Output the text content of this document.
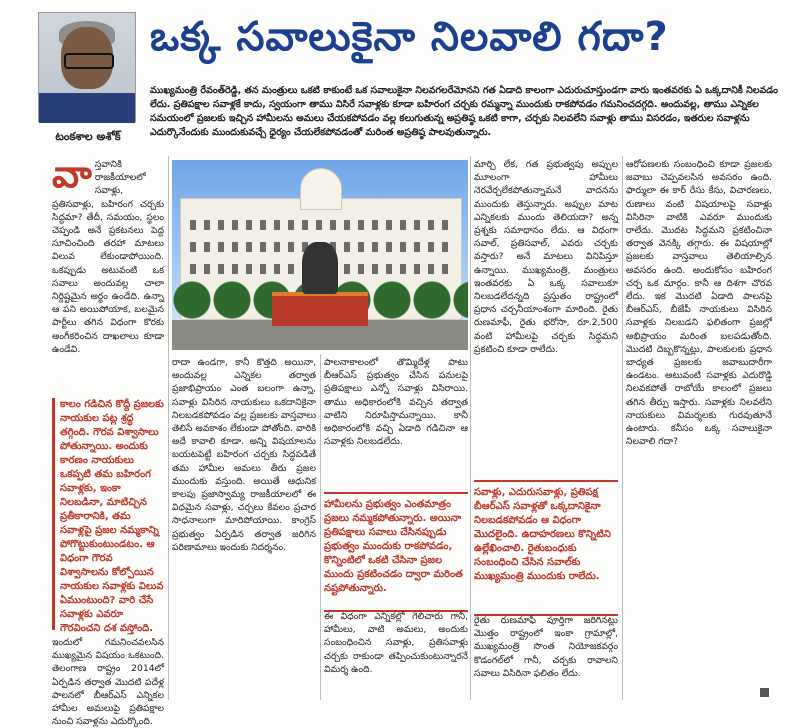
టంకశాల అశోక్
ఒక్క సవాలుకైనా నిలవాలి గదా?
ముఖ్యమంత్రి రేవంత్‌రెడ్డి, తన మంత్రులు ఒకటి కాకుంటే ఒక సవాలుకైనా నిలవగలరేమోనని గత ఏడాది కాలంగా ఎదురుచూస్తుండగా వారు ఇంతవరకు ఏ ఒక్కదానికీ నిలవడం లేదు. ప్రతిపక్షాల సవాళ్లకే కాదు, స్వయంగా తాము విసిరే సవాళ్లకు కూడా బహిరంగ చర్చకు రమ్మన్నా ముందుకు రాకపోవడం గమనించదగ్గది. అందువల్ల, తాము ఎన్నికల సమయంలో ప్రజలకు ఇచ్చిన హామీలను అమలు చేయకపోవడం వల్ల కలుగుతున్న అప్రతిష్ఠ ఒకటి కాగా, చర్చకు నిలవలేని సవాళ్లు తాము విసరడం, ఇతరుల సవాళ్లను ఎదుర్కొనేందుకు ముందుకువచ్చే ధైర్యం చేయలేకపోవడంతో మరింత అప్రతిష్ఠ పాలవుతున్నారు.
వా స్తవానికి రాజకీయాలలో సవాళ్లు, ప్రతిసవాళ్లు, బహిరంగ చర్చకు సిద్ధమా? తేదీ, సమయం, స్థలం చెప్పండి అనే ప్రకటనలు పెద్ద సూచించింది తరహా మాటలు విలువ లేకుండాపోయింది. ఒకప్పుడు అటువంటి ఒక సవాలు అందువల్ల చాలా నిర్దిష్టమైన అర్థం ఉండేది. ఉన్నా ఆ పని అయిపోయాక, బలమైన పార్టీలు తగిన విధంగా కొరకు అంగీకరించిన దాఖలాలు కూడా ఉండేవి.
కాలం గడిచిన కొద్దీ ప్రజలకు నాయకుల పట్ల శ్రద్ధ తగ్గింది. గౌరవ విశ్వాసాలు పోతున్నాయి. అందుకు కారణం నాయకులు ఒకప్పటి తమ బహిరంగ సవాళ్లకు, ఇంకా నిలబడినా, మాటిచ్చిన ప్రతీకారానికి, తమ సవాళ్లపై ప్రజల నమ్మకాన్ని పోగొట్టుకుంటుండటం. ఆ విధంగా గౌరవ విశ్వాసాలను కోల్పోయిన నాయకుల సవాళ్లకు విలువ ఏముంటుంది? వారి చేసే సవాళ్లకు ఎవరూ గౌరవించని దశ వస్తోంది.
ఇందులో గమనించవలసిన ముఖ్యమైన విషయం ఒకటుంది. తెలంగాణ రాష్ట్రం 2014లో ఏర్పడిన తర్వాత మొదటి పదేళ్ల పాలనలో బీఆర్ఎస్ ఎన్నికల హామీల అమలుపై ప్రతిపక్షాల నుంచి సవాళ్లను ఎదుర్కొంది.
రాదా ఉండగా, కానీ కొత్తది అయినా, అందువల్ల ఎన్నికల తర్వాత ప్రజాభిప్రాయం ఎంత బలంగా ఉన్నా, సవాళ్లు విసిరిన నాయకులు ఒకదానికైనా నిలబడకపోవడం వల్ల ప్రజలకు వాస్తవాలు తెలిసే అవకాశం లేకుండా పోతోంది. వారికి అదే కావాలి కూడా. అన్ని విషయాలను బయటపెట్టే బహిరంగ చర్చకు సిద్ధపడితే తమ హామీల అమలు తీరు ప్రజల ముందుకు వస్తుంది. అయితే ఆధునిక కాలపు ప్రజాస్వామ్య రాజకీయాలలో ఈ విధమైన సవాళ్లు, చర్చలు కేవలం ప్రచార సాధనాలుగా మారిపోయాయి. కాంగ్రెస్ ప్రభుత్వం ఏర్పడిన తర్వాత జరిగిన పరిణామాలు ఇందుకు నిదర్శనం.
పాలనాకాలంలో తొమ్మిదేళ్ల పాటు బీఆర్ఎస్ ప్రభుత్వం చేసిన పనులపై ప్రతిపక్షాలు ఎన్నో సవాళ్లు విసిరాయి. తాము అధికారంలోకి వచ్చిన తర్వాత వాటిని నిరూపిస్తామన్నాయి. కానీ అధికారంలోకి వచ్చి ఏడాది గడిచినా ఆ సవాళ్లకు నిలబడలేదు.
హామీలను ప్రభుత్వం ఎంతమాత్రం ప్రజలు నమ్మకపోతున్నారు. అయినా ప్రతిపక్షాలు సవాలు చేసినప్పుడు ప్రభుత్వం ముందుకు రాకపోవడం, కొన్నింటిలో ఒకటి చేసినా ప్రజల ముందు ప్రకటించడం ద్వారా మరింత నష్టపోతున్నారు.
ఈ విధంగా ఎన్నికల్లో గెలిచారు గానీ, హామీలు, వాటి అమలు, అందుకు సంబంధించిన సవాళ్లు, ప్రతిసవాళ్లు చర్చకు రాకుండా తప్పించుకుంటున్నారనే విమర్శ ఉంది.
మార్చి లేక, గత ప్రభుత్వపు అప్పుల మూలంగా హామీలు నెరవేర్చలేకపోతున్నామనే వాదనను ముందుకు తెస్తున్నారు. అప్పుల మాట ఎన్నికలకు ముందు తెలియదా? అన్న ప్రశ్నకు సమాధానం లేదు. ఆ విధంగా సవాల్, ప్రతిసవాల్, ఎవరు చర్చకు వస్తారు? అనే మాటలు వినిపిస్తూ ఉన్నాయి. ముఖ్యమంత్రి, మంత్రులు ఇంతవరకు ఏ ఒక్క సవాలుకూ నిలబడలేదన్నది ప్రస్తుతం రాష్ట్రంలో ప్రధాన చర్చనీయాంశంగా మారింది. రైతు రుణమాఫీ, రైతు భరోసా, రూ.2,500 వంటి హామీలపై చర్చకు సిద్ధమని ప్రకటించి కూడా రాలేదు.
సవాళ్లు, ఎదురుసవాళ్లు, ప్రతిపక్ష బీఆర్ఎస్ సవాళ్లతో ఒక్కదానికైనా నిలబడకపోవడం ఆ విధంగా మొదలైంది. ఉదాహరణలు కొన్నిటిని ఉల్లేఖించాలి. రైతుబంధుకు సంబంధించి చేసిన సవాల్‌కు ముఖ్యమంత్రి ముందుకు రాలేదు.
రైతు రుణమాఫీ పూర్తిగా జరిగినట్లు మొత్తం రాష్ట్రంలో ఇంకా గ్రామాల్లో, ముఖ్యమంత్రి సొంత నియోజకవర్గం కొడంగల్‌లో గానీ, చర్చకు రావాలని సవాలు విసిరినా ఫలితం లేదు.
ఆరోపణలకు సంబంధించి కూడా ప్రజలకు జవాబు చెప్పవలసిన అవసరం ఉంది. ఫార్ములా ఈ కార్ రేసు కేసు, విచారణలు, రుణాలు వంటి విషయాలపై సవాళ్లు విసిరినా వాటికి ఎవరూ ముందుకు రాలేదు. మొదట సిద్ధమని ప్రకటించినా తర్వాత వెనక్కి తగ్గారు. ఈ విషయాల్లో ప్రజలకు వాస్తవాలు తెలియాల్సిన అవసరం ఉంది. అందుకోసం బహిరంగ చర్చ ఒక మార్గం. కానీ ఆ దిశగా చొరవ లేదు. ఇక మొదటి ఏడాది పాలనపై బీఆర్ఎస్, బీజేపీ నాయకులు విసిరిన సవాళ్లకు నిలబడని ఫలితంగా ప్రజల్లో అభిప్రాయం మరింత బలపడుతోంది. మొదటి దెబ్బకొన్నట్లు, పాలకులకు ప్రధాన బాధ్యత ప్రజలకు జవాబుదారీగా ఉండటం. అటువంటి సవాళ్లకు ఎదురొడ్డి నిలవకపోతే రాబోయే కాలంలో ప్రజలు తగిన తీర్పు ఇస్తారు. సవాళ్లకు నిలవలేని నాయకులు విమర్శలకు గురవుతూనే ఉంటారు. కనీసం ఒక్క సవాలుకైనా నిలవాలి గదా?
